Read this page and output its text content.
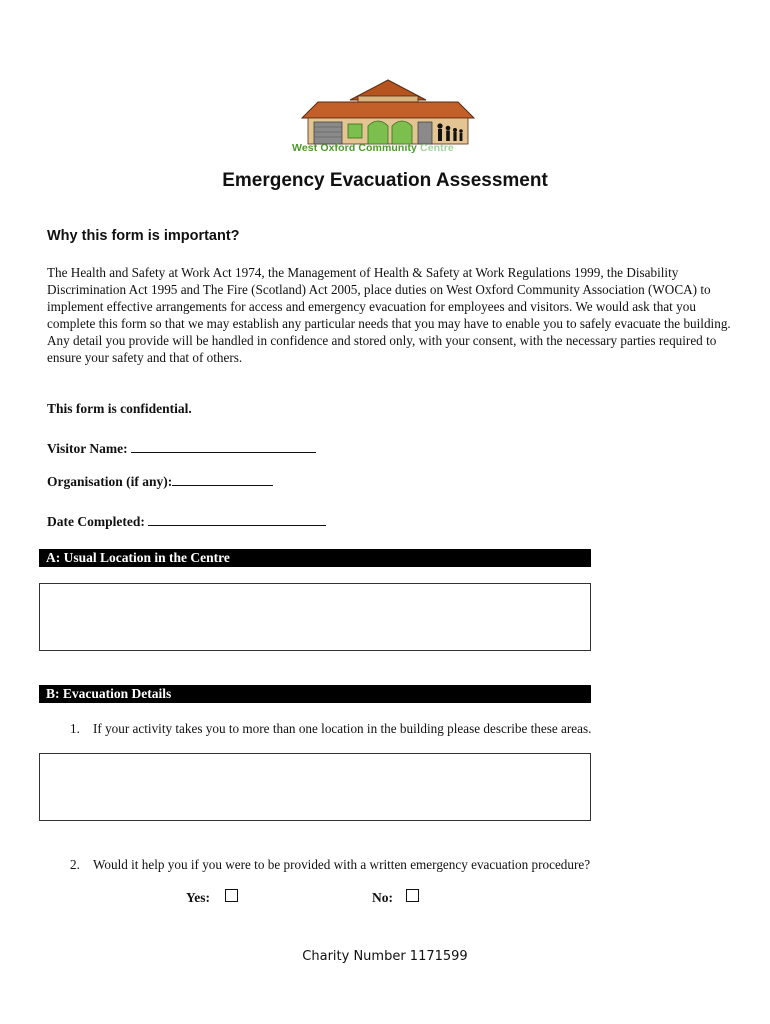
West Oxford Community Centre
Emergency Evacuation Assessment
Why this form is important?

The Health and Safety at Work Act 1974, the Management of Health & Safety at Work Regulations 1999, the Disability Discrimination Act 1995 and The Fire (Scotland) Act 2005, place duties on West Oxford Community Association (WOCA) to implement effective arrangements for access and emergency evacuation for employees and visitors. We would ask that you complete this form so that we may establish any particular needs that you may have to enable you to safely evacuate the building. Any detail you provide will be handled in confidence and stored only, with your consent, with the necessary parties required to ensure your safety and that of others.

This form is confidential.
Visitor Name:
Organisation (if any):
Date Completed:
A: Usual Location in the Centre
B: Evacuation Details
1. If your activity takes you to more than one location in the building please describe these areas.
2. Would it help you if you were to be provided with a written emergency evacuation procedure?
Yes:	No:
Charity Number 1171599
